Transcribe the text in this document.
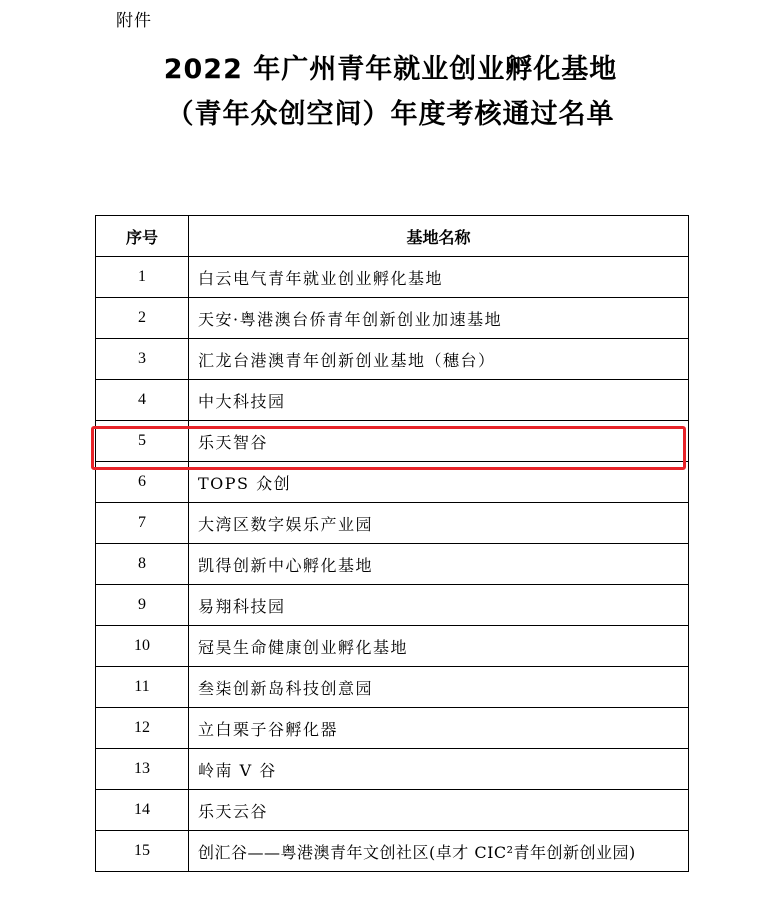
附件
2022 年广州青年就业创业孵化基地
（青年众创空间）年度考核通过名单
序号	基地名称
1	白云电气青年就业创业孵化基地
2	天安·粤港澳台侨青年创新创业加速基地
3	汇龙台港澳青年创新创业基地（穗台）
4	中大科技园
5	乐天智谷
6	TOPS 众创
7	大湾区数字娱乐产业园
8	凯得创新中心孵化基地
9	易翔科技园
10	冠昊生命健康创业孵化基地
11	叁柒创新岛科技创意园
12	立白栗子谷孵化器
13	岭南 V 谷
14	乐天云谷
15	创汇谷——粤港澳青年文创社区(卓才 CIC²青年创新创业园)
